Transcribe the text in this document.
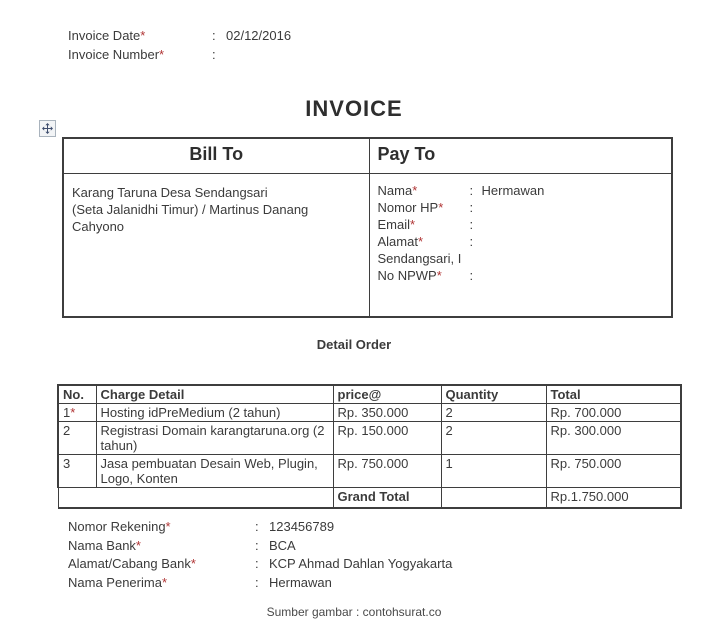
Invoice Date*	: 02/12/2016
Invoice Number*	:
INVOICE
Bill To	Pay To

Karang Taruna Desa Sendangsari
(Seta Jalanidhi Timur) / Martinus Danang
Cahyono

Nama*	: Hermawan
Nomor HP*	:
Email*	:
Alamat*	:
Sendangsari, I
No NPWP*	:
Detail Order
No.	Charge Detail	price@	Quantity	Total
1*	Hosting idPreMedium (2 tahun)	Rp. 350.000	2	Rp. 700.000
2	Registrasi Domain karangtaruna.org (2 tahun)	Rp. 150.000	2	Rp. 300.000
3	Jasa pembuatan Desain Web, Plugin, Logo, Konten	Rp. 750.000	1	Rp. 750.000
		Grand Total		Rp.1.750.000
Nomor Rekening*	: 123456789
Nama Bank*	: BCA
Alamat/Cabang Bank*	: KCP Ahmad Dahlan Yogyakarta
Nama Penerima*	: Hermawan
Sumber gambar : contohsurat.co
